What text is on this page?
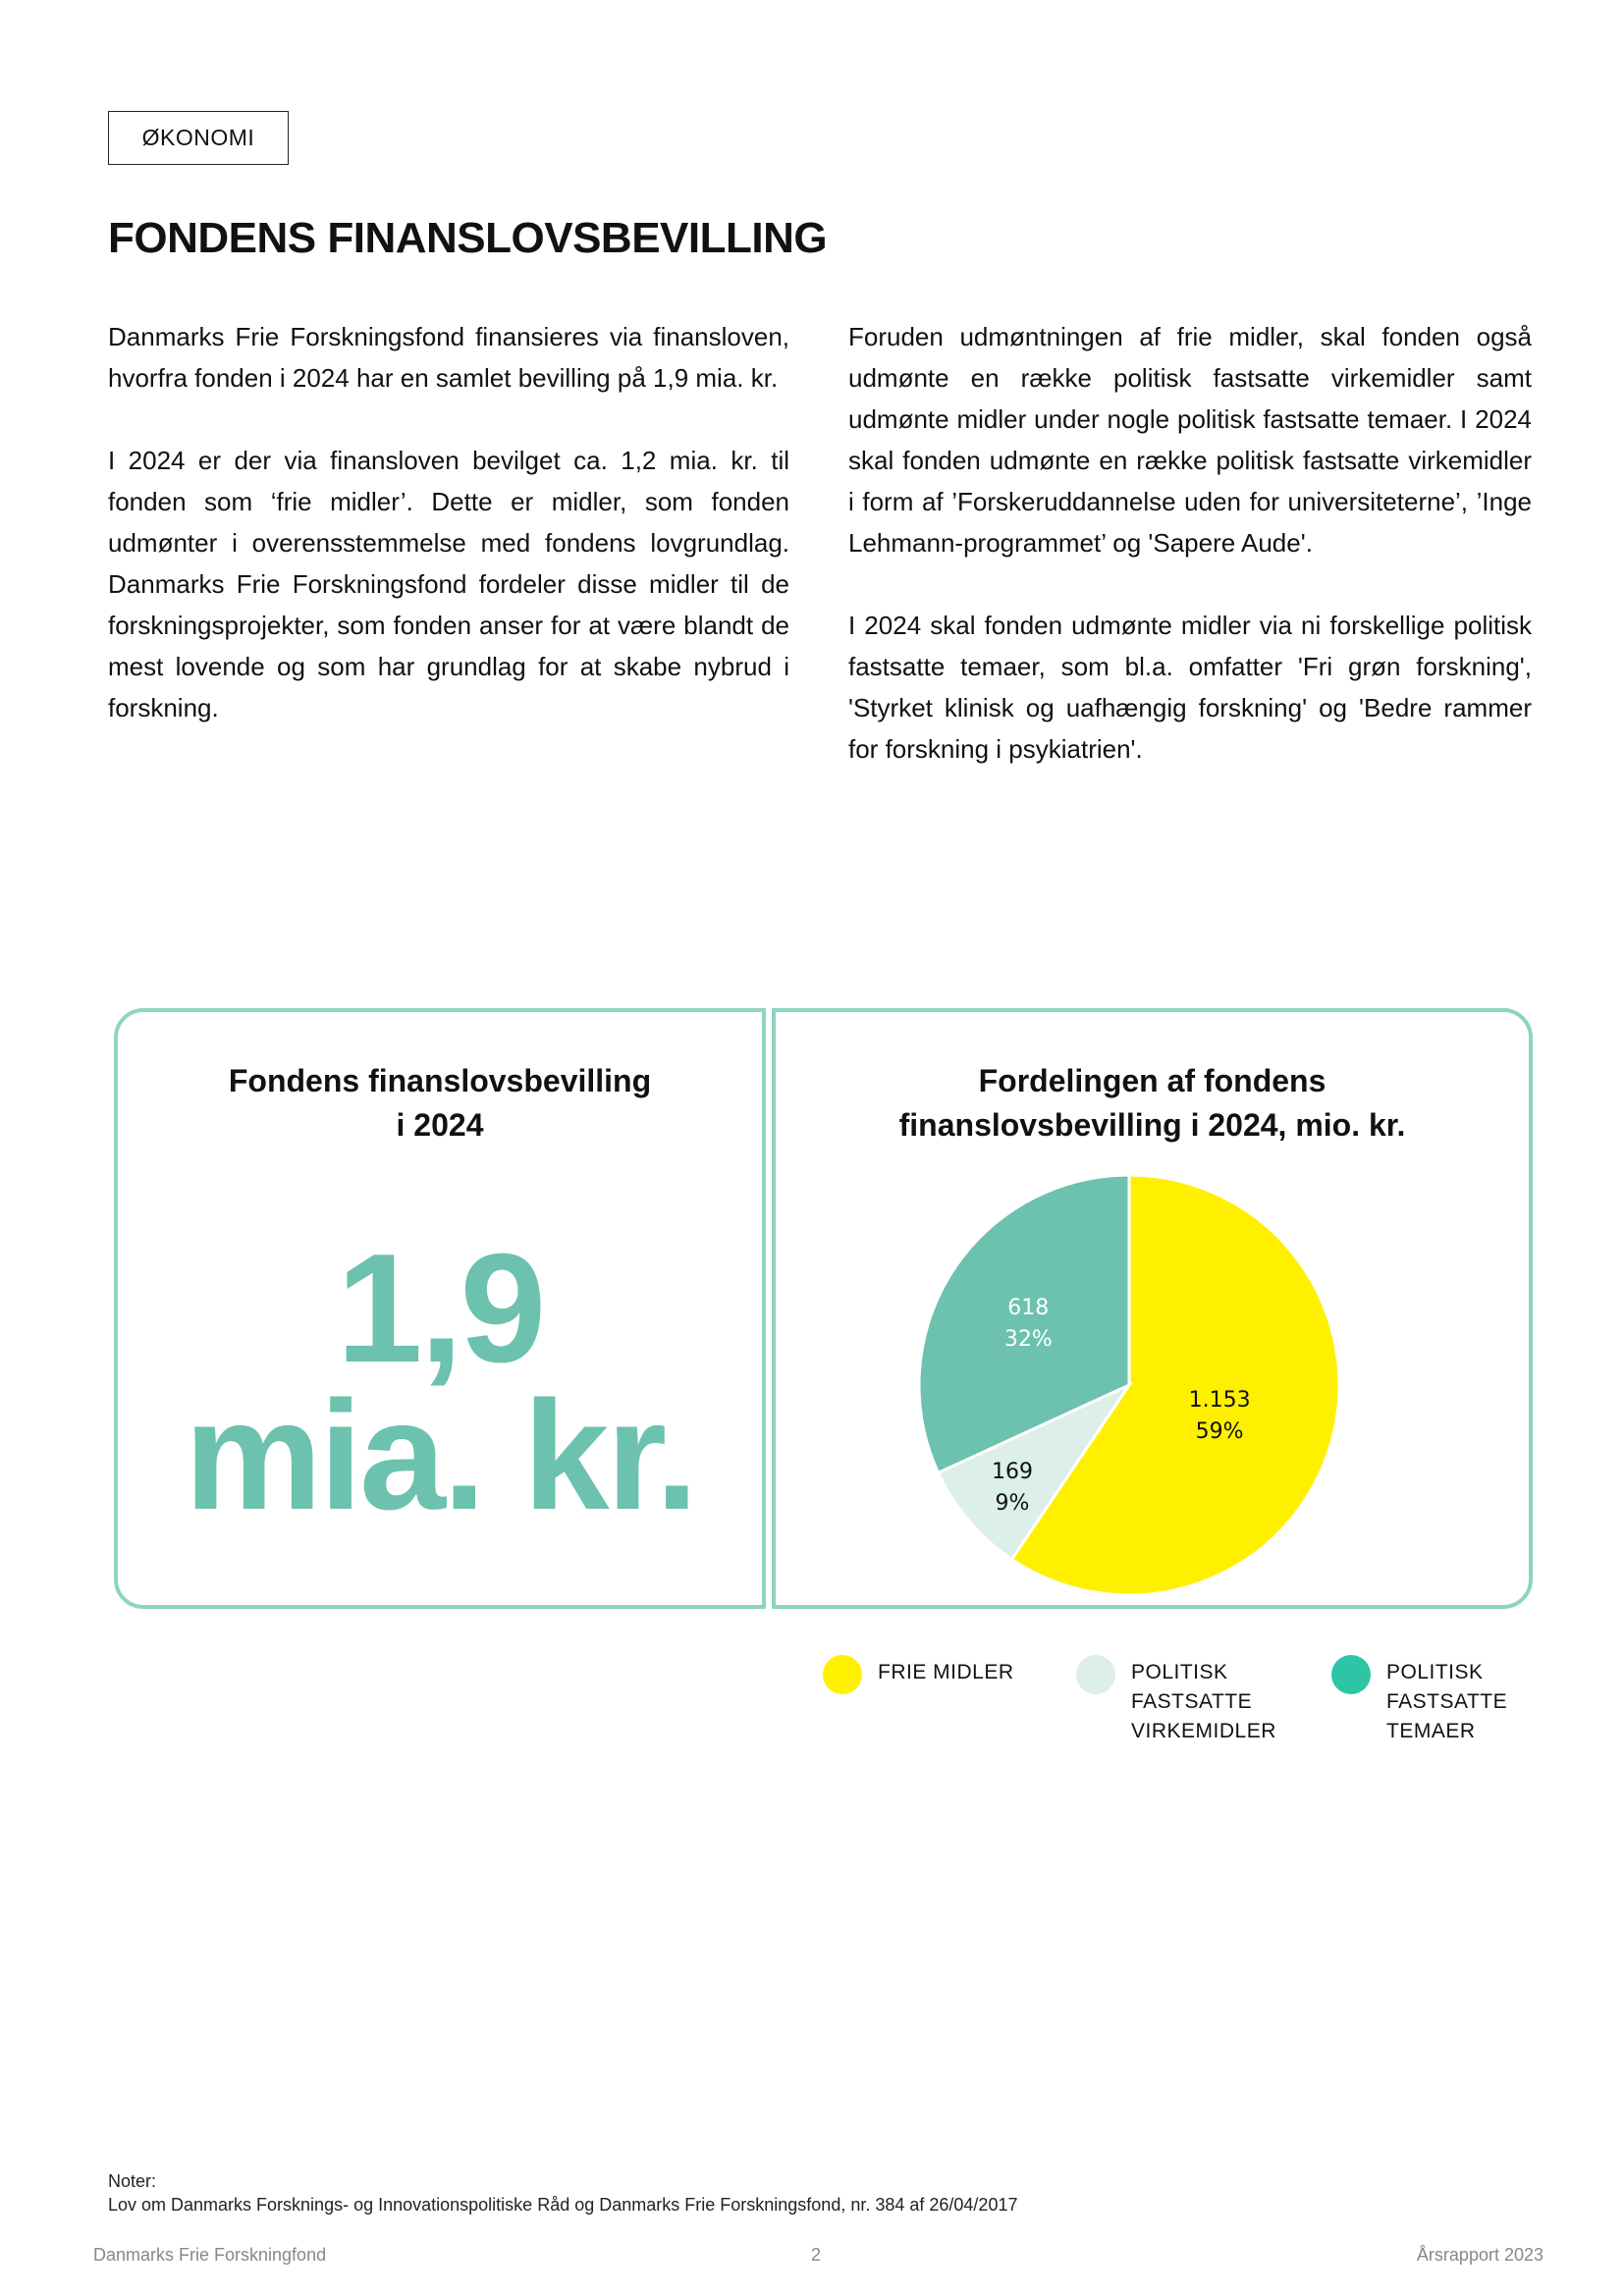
ØKONOMI
FONDENS FINANSLOVSBEVILLING

Danmarks Frie Forskningsfond finansieres via finansloven, hvorfra fonden i 2024 har en samlet bevilling på 1,9 mia. kr.

I 2024 er der via finansloven bevilget ca. 1,2 mia. kr. til fonden som ‘frie midler’. Dette er midler, som fonden udmønter i overensstemmelse med fondens lovgrundlag. Danmarks Frie Forskningsfond fordeler disse midler til de forskningsprojekter, som fonden anser for at være blandt de mest lovende og som har grundlag for at skabe nybrud i forskning.

Foruden udmøntningen af frie midler, skal fonden også udmønte en række politisk fastsatte virkemidler samt udmønte midler under nogle politisk fastsatte temaer. I 2024 skal fonden udmønte en række politisk fastsatte virkemidler i form af ’Forskeruddannelse uden for universiteterne’, ’Inge Lehmann-programmet’ og 'Sapere Aude'.

I 2024 skal fonden udmønte midler via ni forskellige politisk fastsatte temaer, som bl.a. omfatter 'Fri grøn forskning', 'Styrket klinisk og uafhængig forskning' og 'Bedre rammer for forskning i psykiatrien'.

Fondens finanslovsbevilling
i 2024
1,9
mia. kr.
Fordelingen af fondens
finanslovsbevilling i 2024, mio. kr.
1.153
59%
169
9%
618
32%
FRIE MIDLER	POLITISK
FASTSATTE
VIRKEMIDLER
POLITISK
FASTSATTE
TEMAER
Noter:
Lov om Danmarks Forsknings- og Innovationspolitiske Råd og Danmarks Frie Forskningsfond, nr. 384 af 26/04/2017
Danmarks Frie Forskningfond	2	Årsrapport 2023
